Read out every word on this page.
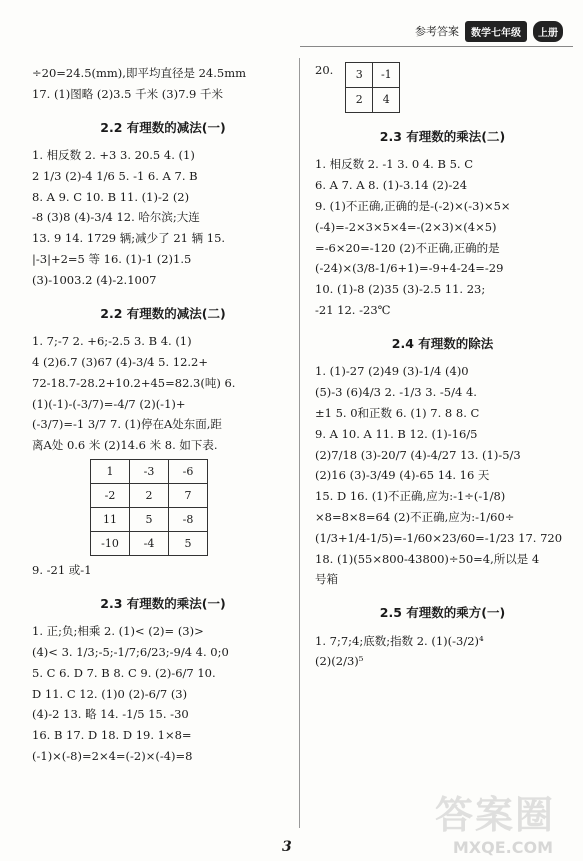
参考答案	数学七年级	上册
÷20=24.5(mm),即平均直径是 24.5mm
17. (1)图略 (2)3.5 千米 (3)7.9 千米
2.2 有理数的减法(一)
1. 相反数 2. +3 3. 20.5 4. (1)
2 1/3 (2)-4 1/6 5. -1 6. A 7. B
8. A 9. C 10. B 11. (1)-2 (2)
-8 (3)8 (4)-3/4 12. 哈尔滨;大连
13. 9 14. 1729 辆;减少了 21 辆 15.
|-3|+2=5 等 16. (1)-1 (2)1.5
(3)-1003.2 (4)-2.1007
2.2 有理数的减法(二)
1. 7;-7 2. +6;-2.5 3. B 4. (1)
4 (2)6.7 (3)67 (4)-3/4 5. 12.2+
72-18.7-28.2+10.2+45=82.3(吨) 6.
(1)(-1)-(-3/7)=-4/7 (2)(-1)+
(-3/7)=-1 3/7 7. (1)停在A处东面,距
离A处 0.6 米 (2)14.6 米 8. 如下表.
1	-3	-6
-2	2	7
11	5	-8
-10	-4	5
9. -21 或-1
2.3 有理数的乘法(一)
1. 正;负;相乘 2. (1)< (2)= (3)>
(4)< 3. 1/3;-5;-1/7;6/23;-9/4 4. 0;0
5. C 6. D 7. B 8. C 9. (2)-6/7 10.
D 11. C 12. (1)0 (2)-6/7 (3)
(4)-2 13. 略 14. -1/5 15. -30
16. B 17. D 18. D 19. 1×8=
(-1)×(-8)=2×4=(-2)×(-4)=8
20. 3	-1
2	4
2.3 有理数的乘法(二)
1. 相反数 2. -1 3. 0 4. B 5. C
6. A 7. A 8. (1)-3.14 (2)-24
9. (1)不正确,正确的是-(-2)×(-3)×5×
(-4)=-2×3×5×4=-(2×3)×(4×5)
=-6×20=-120 (2)不正确,正确的是
(-24)×(3/8-1/6+1)=-9+4-24=-29
10. (1)-8 (2)35 (3)-2.5 11. 23;
-21 12. -23℃
2.4 有理数的除法
1. (1)-27 (2)49 (3)-1/4 (4)0
(5)-3 (6)4/3 2. -1/3 3. -5/4 4.
±1 5. 0和正数 6. (1) 7. 8 8. C
9. A 10. A 11. B 12. (1)-16/5
(2)7/18 (3)-20/7 (4)-4/27 13. (1)-5/3
(2)16 (3)-3/49 (4)-65 14. 16 天
15. D 16. (1)不正确,应为:-1÷(-1/8)
×8=8×8=64 (2)不正确,应为:-1/60÷
(1/3+1/4-1/5)=-1/60×23/60=-1/23 17. 720
18. (1)(55×800-43800)÷50=4,所以是 4
号箱
2.5 有理数的乘方(一)
1. 7;7;4;底数;指数 2. (1)(-3/2)⁴
(2)(2/3)⁵
3
答案圈
MXQE.COM
